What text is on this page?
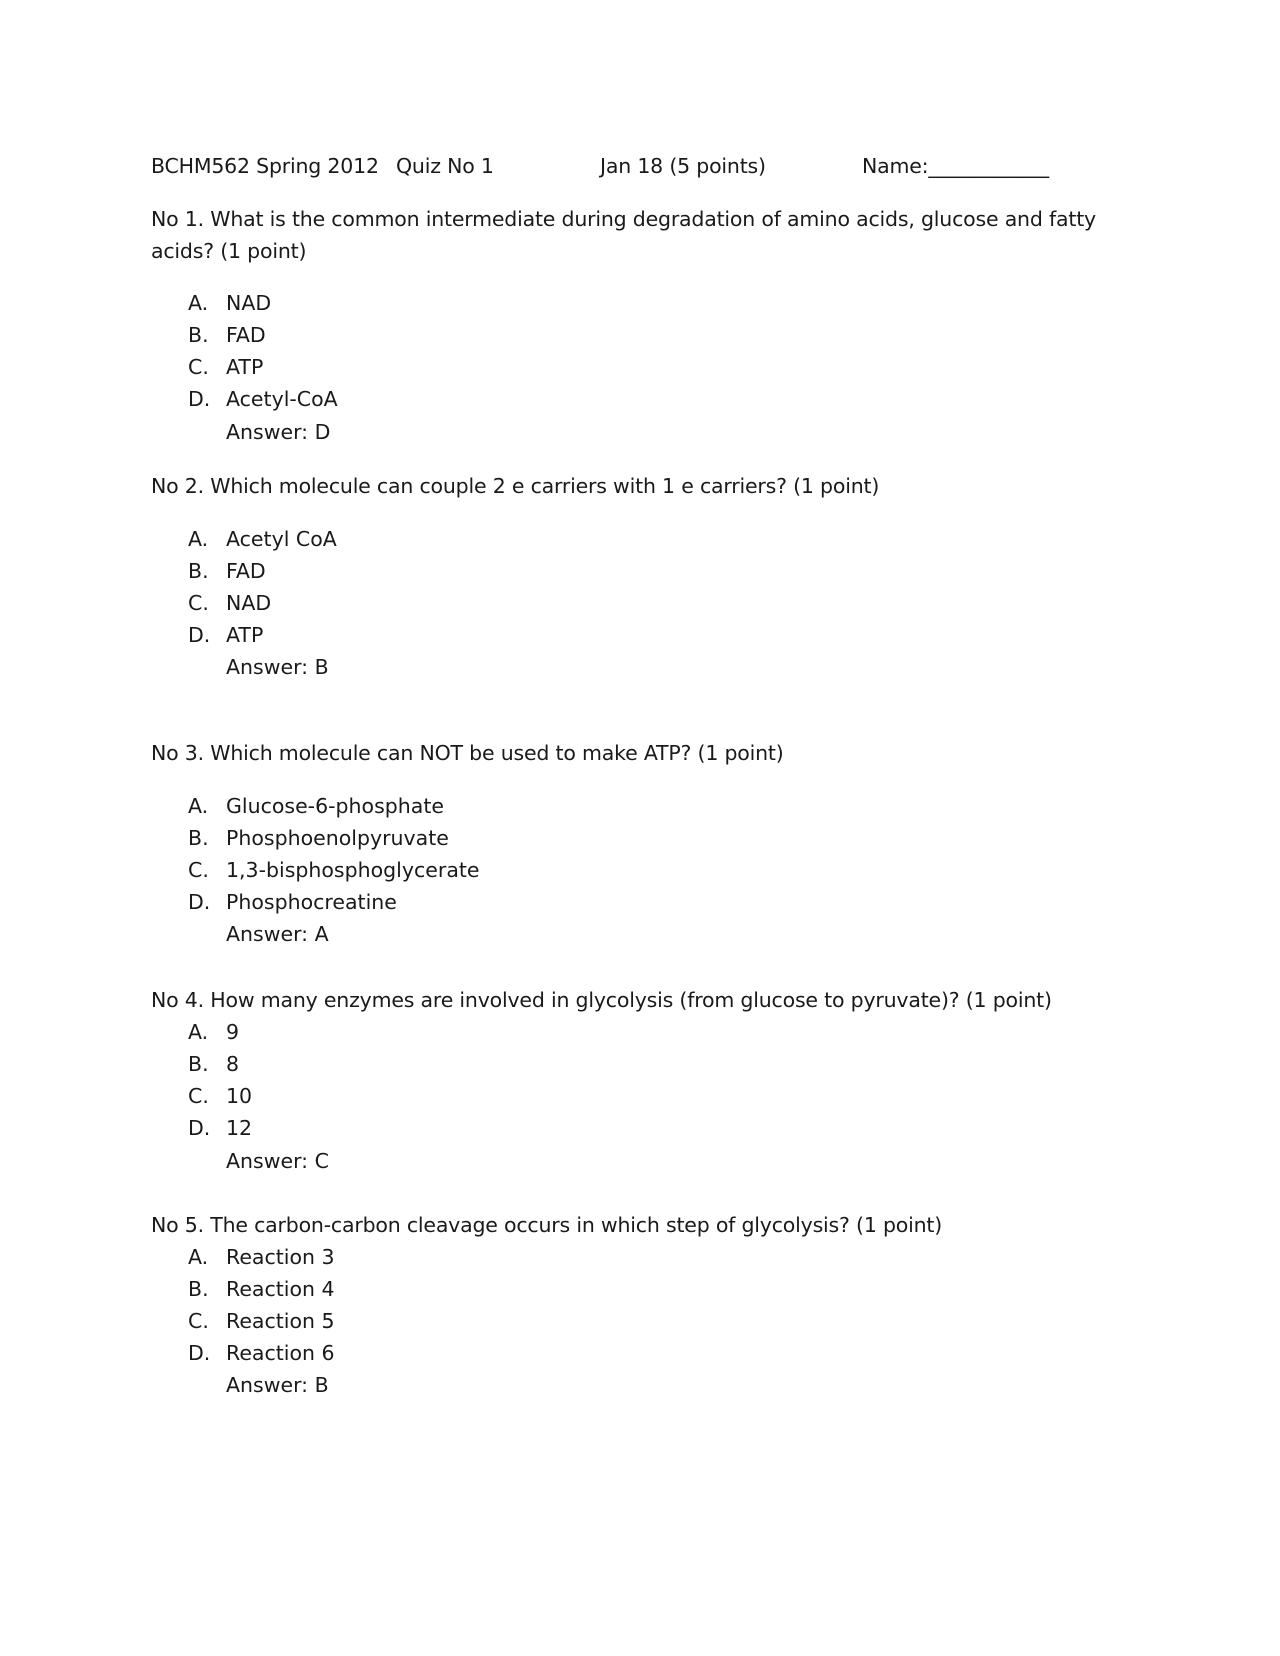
BCHM562 Spring 2012 Quiz No 1	Jan 18 (5 points)	Name:____________
No 1. What is the common intermediate during degradation of amino acids, glucose and fatty acids? (1 point)
A. NAD
B. FAD
C. ATP
D. Acetyl-CoA
Answer: D
No 2. Which molecule can couple 2 e carriers with 1 e carriers? (1 point)
A. Acetyl CoA
B. FAD
C. NAD
D. ATP
Answer: B
No 3. Which molecule can NOT be used to make ATP? (1 point)
A. Glucose-6-phosphate
B. Phosphoenolpyruvate
C. 1,3-bisphosphoglycerate
D. Phosphocreatine
Answer: A
No 4. How many enzymes are involved in glycolysis (from glucose to pyruvate)? (1 point)
A. 9
B. 8
C. 10
D. 12
Answer: C
No 5. The carbon-carbon cleavage occurs in which step of glycolysis? (1 point)
A. Reaction 3
B. Reaction 4
C. Reaction 5
D. Reaction 6
Answer: B
